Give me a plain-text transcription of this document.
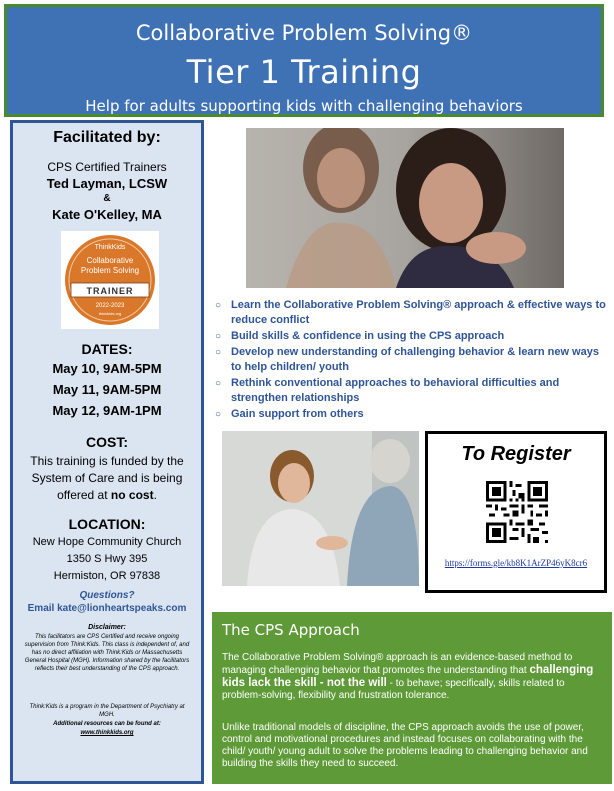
Collaborative Problem Solving®
Tier 1 Training
Help for adults supporting kids with challenging behaviors
Facilitated by:
CPS Certified Trainers
Ted Layman, LCSW
&
Kate O'Kelley, MA
ThinkKids
Collaborative
Problem Solving
TRAINER
2022-2023
thinkkids.org
DATES:
May 10, 9AM-5PM
May 11, 9AM-5PM
May 12, 9AM-1PM
COST:
This training is funded by the
System of Care and is being
offered at no cost.
LOCATION:
New Hope Community Church
1350 S Hwy 395
Hermiston, OR 97838
Questions?
Email kate@lionheartspeaks.com
Disclaimer:
This facilitators are CPS Certified and receive ongoing supervision from Think:Kids. This class is independent of, and has no direct affiliation with Think:Kids or Massachusetts General Hospital (MGH). Information shared by the facilitators reflects their best understanding of the CPS approach.
Think:Kids is a program in the Department of Psychiatry at MGH.
Additional resources can be found at:
www.thinkkids.org
○ Learn the Collaborative Problem Solving® approach & effective ways to reduce conflict
○ Build skills & confidence in using the CPS approach
○ Develop new understanding of challenging behavior & learn new ways to help children/ youth
○ Rethink conventional approaches to behavioral difficulties and strengthen relationships
○ Gain support from others
To Register
https://forms.gle/kb8K1ArZP46yK8cr6
The CPS Approach
The Collaborative Problem Solving® approach is an evidence-based method to managing challenging behavior that promotes the understanding that challenging kids lack the skill - not the will - to behave; specifically, skills related to problem-solving, flexibility and frustration tolerance.
Unlike traditional models of discipline, the CPS approach avoids the use of power, control and motivational procedures and instead focuses on collaborating with the child/ youth/ young adult to solve the problems leading to challenging behavior and building the skills they need to succeed.
